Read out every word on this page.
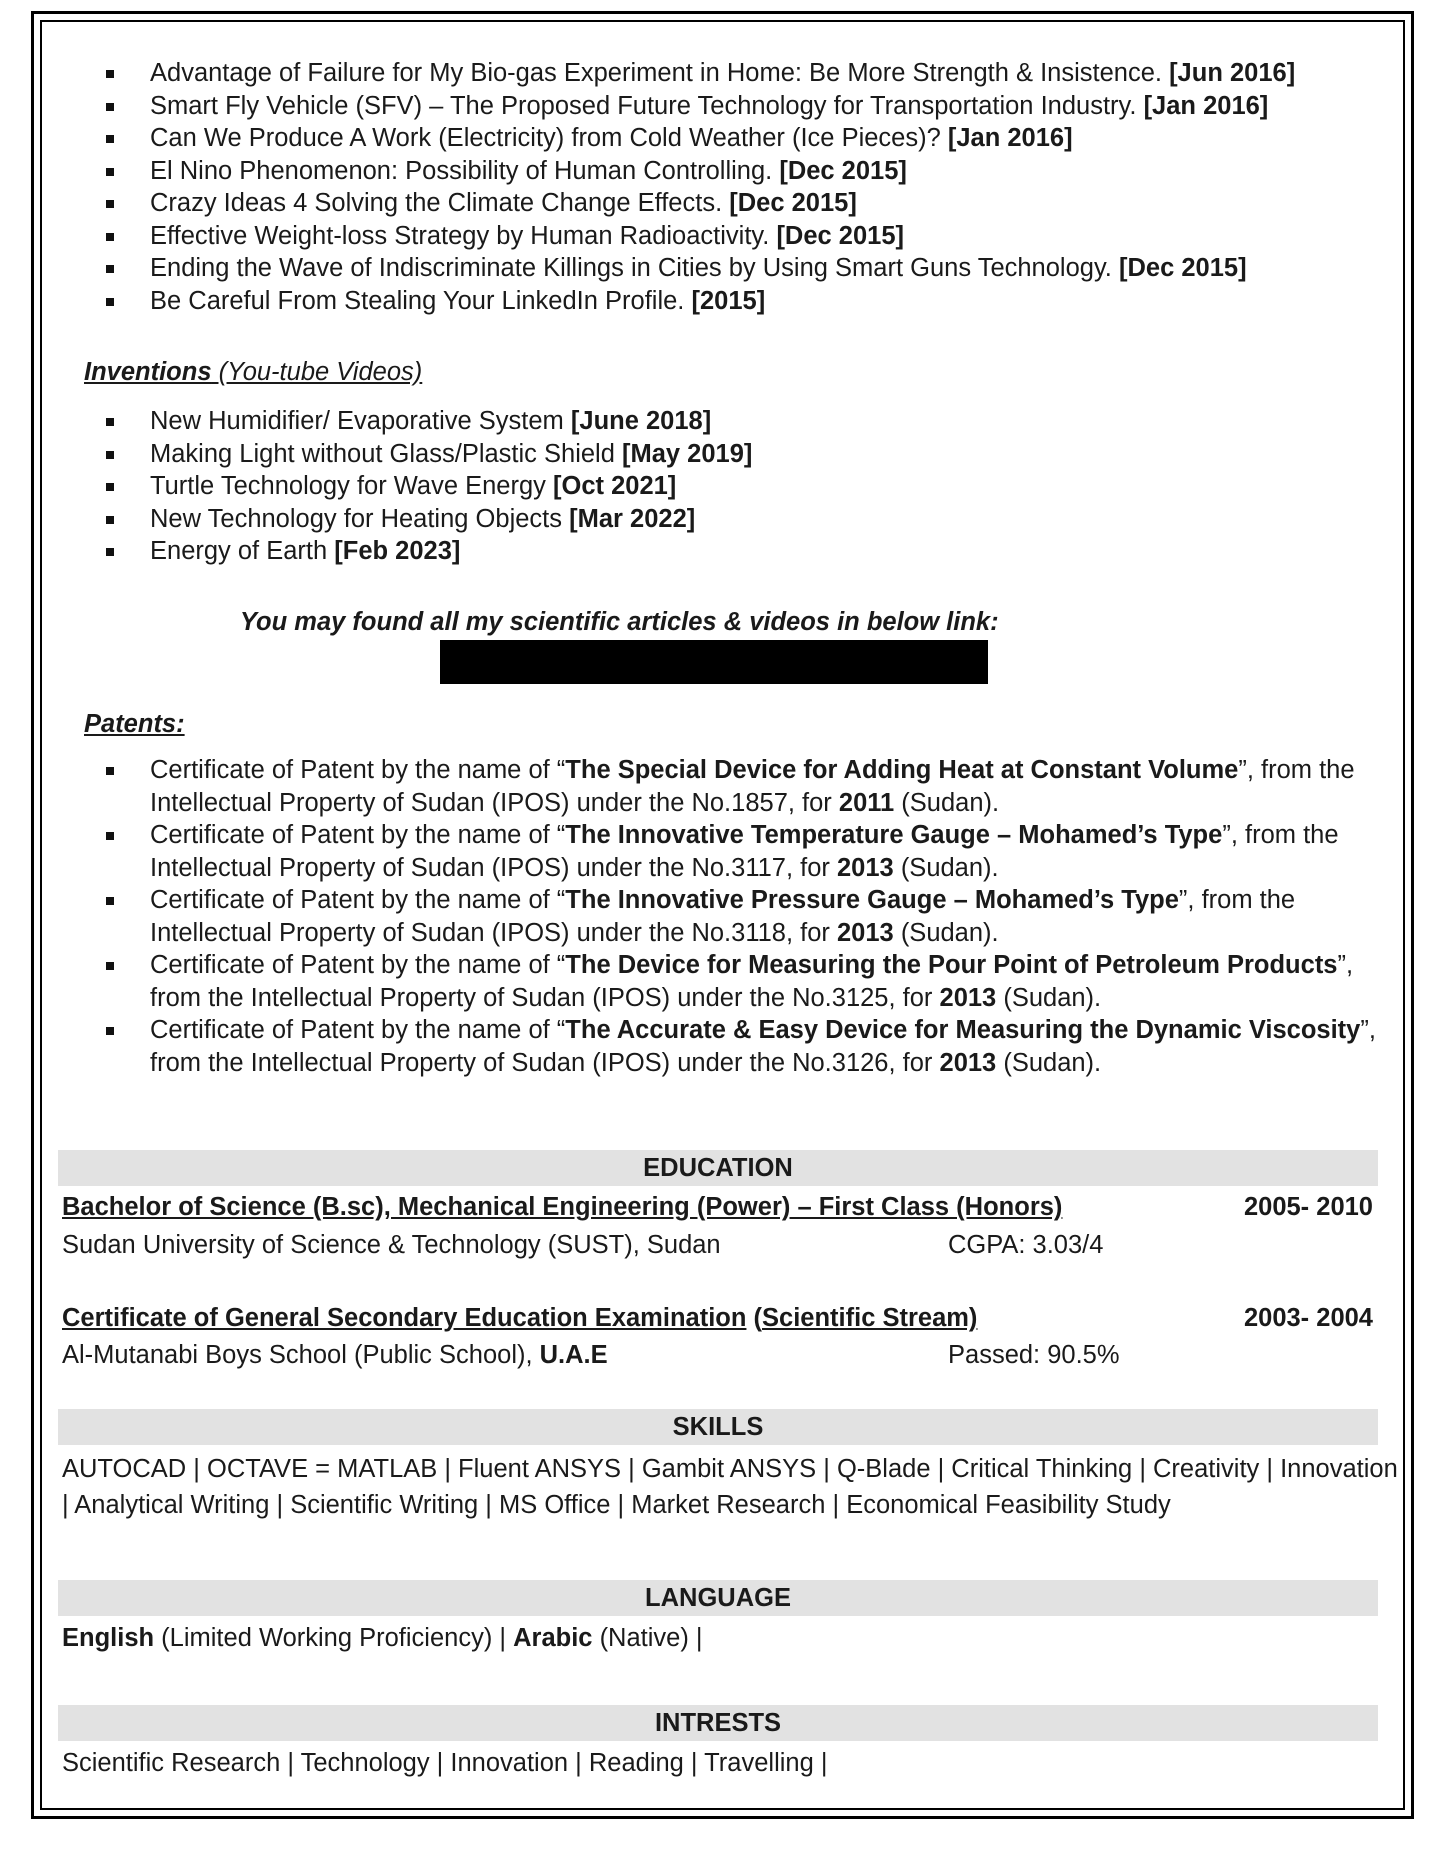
Advantage of Failure for My Bio-gas Experiment in Home: Be More Strength & Insistence. [Jun 2016]
Smart Fly Vehicle (SFV) – The Proposed Future Technology for Transportation Industry. [Jan 2016]
Can We Produce A Work (Electricity) from Cold Weather (Ice Pieces)? [Jan 2016]
El Nino Phenomenon: Possibility of Human Controlling. [Dec 2015]
Crazy Ideas 4 Solving the Climate Change Effects. [Dec 2015]
Effective Weight-loss Strategy by Human Radioactivity. [Dec 2015]
Ending the Wave of Indiscriminate Killings in Cities by Using Smart Guns Technology. [Dec 2015]
Be Careful From Stealing Your LinkedIn Profile. [2015]
Inventions (You-tube Videos)
New Humidifier/ Evaporative System [June 2018]
Making Light without Glass/Plastic Shield [May 2019]
Turtle Technology for Wave Energy [Oct 2021]
New Technology for Heating Objects [Mar 2022]
Energy of Earth [Feb 2023]
You may found all my scientific articles & videos in below link:
Patents:
Certificate of Patent by the name of “The Special Device for Adding Heat at Constant Volume”, from the
Intellectual Property of Sudan (IPOS) under the No.1857, for 2011 (Sudan).
Certificate of Patent by the name of “The Innovative Temperature Gauge – Mohamed’s Type”, from the
Intellectual Property of Sudan (IPOS) under the No.3117, for 2013 (Sudan).
Certificate of Patent by the name of “The Innovative Pressure Gauge – Mohamed’s Type”, from the
Intellectual Property of Sudan (IPOS) under the No.3118, for 2013 (Sudan).
Certificate of Patent by the name of “The Device for Measuring the Pour Point of Petroleum Products”,
from the Intellectual Property of Sudan (IPOS) under the No.3125, for 2013 (Sudan).
Certificate of Patent by the name of “The Accurate & Easy Device for Measuring the Dynamic Viscosity”,
from the Intellectual Property of Sudan (IPOS) under the No.3126, for 2013 (Sudan).
EDUCATION
Bachelor of Science (B.sc), Mechanical Engineering (Power) – First Class (Honors)	2005- 2010
Sudan University of Science & Technology (SUST), Sudan	CGPA: 3.03/4
Certificate of General Secondary Education Examination (Scientific Stream)	2003- 2004
Al-Mutanabi Boys School (Public School), U.A.E	Passed: 90.5%
SKILLS
AUTOCAD | OCTAVE = MATLAB | Fluent ANSYS | Gambit ANSYS | Q-Blade | Critical Thinking | Creativity | Innovation
| Analytical Writing | Scientific Writing | MS Office | Market Research | Economical Feasibility Study
LANGUAGE
English (Limited Working Proficiency) | Arabic (Native) |
INTRESTS
Scientific Research | Technology | Innovation | Reading | Travelling |
